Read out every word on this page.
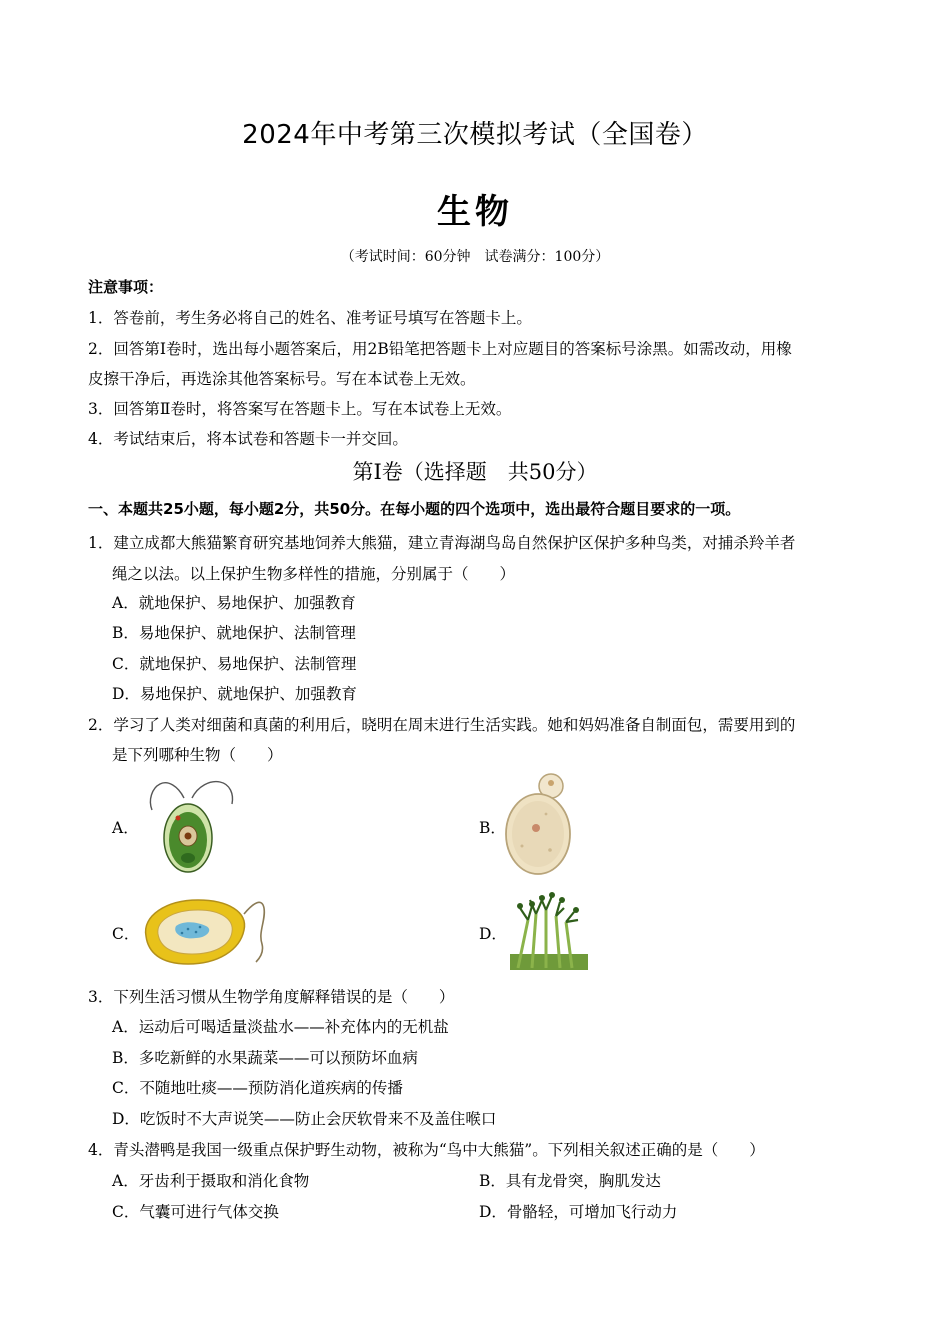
2024年中考第三次模拟考试（全国卷）
生物
（考试时间：60分钟　试卷满分：100分）
注意事项：
1．答卷前，考生务必将自己的姓名、准考证号填写在答题卡上。
2．回答第Ⅰ卷时，选出每小题答案后，用2B铅笔把答题卡上对应题目的答案标号涂黑。如需改动，用橡
皮擦干净后，再选涂其他答案标号。写在本试卷上无效。
3．回答第Ⅱ卷时，将答案写在答题卡上。写在本试卷上无效。
4．考试结束后，将本试卷和答题卡一并交回。
第Ⅰ卷（选择题　共50分）
一、本题共25小题，每小题2分，共50分。在每小题的四个选项中，选出最符合题目要求的一项。
1．建立成都大熊猫繁育研究基地饲养大熊猫，建立青海湖鸟岛自然保护区保护多种鸟类，对捕杀羚羊者
绳之以法。以上保护生物多样性的措施，分别属于（　　）
A．就地保护、易地保护、加强教育
B．易地保护、就地保护、法制管理
C．就地保护、易地保护、法制管理
D．易地保护、就地保护、加强教育
2．学习了人类对细菌和真菌的利用后，晓明在周末进行生活实践。她和妈妈准备自制面包，需要用到的
是下列哪种生物（　　）
A．	B．
C．	D．
3．下列生活习惯从生物学角度解释错误的是（　　）
A．运动后可喝适量淡盐水——补充体内的无机盐
B．多吃新鲜的水果蔬菜——可以预防坏血病
C．不随地吐痰——预防消化道疾病的传播
D．吃饭时不大声说笑——防止会厌软骨来不及盖住喉口
4．青头潜鸭是我国一级重点保护野生动物，被称为“鸟中大熊猫”。下列相关叙述正确的是（　　）
A．牙齿利于摄取和消化食物	B．具有龙骨突，胸肌发达
C．气囊可进行气体交换	D．骨骼轻，可增加飞行动力
